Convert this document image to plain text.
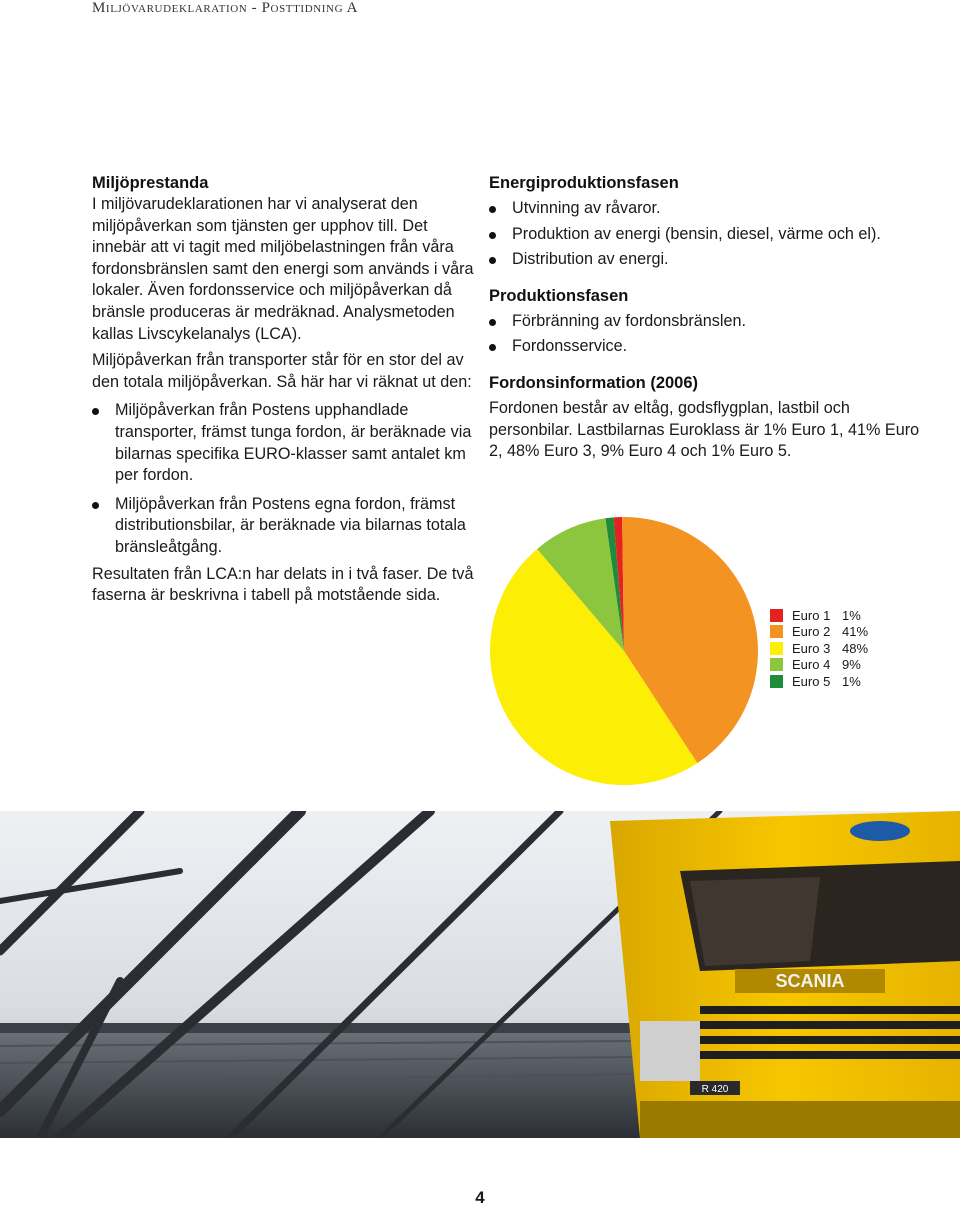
Miljövarudeklaration - Posttidning A
Miljöprestanda

I miljövarudeklarationen har vi analyserat den miljöpåverkan som tjänsten ger upphov till. Det innebär att vi tagit med miljöbelastningen från våra fordonsbränslen samt den energi som används i våra lokaler. Även fordonsservice och miljöpåverkan då bränsle produceras är medräknad. Analysmetoden kallas Livscykelanalys (LCA).

Miljöpåverkan från transporter står för en stor del av den totala miljöpåverkan. Så här har vi räknat ut den:

Miljöpåverkan från Postens upphandlade transporter, främst tunga fordon, är beräknade via bilarnas specifika EURO-klasser samt antalet km per fordon.
Miljöpåverkan från Postens egna fordon, främst distributionsbilar, är beräknade via bilarnas totala bränsleåtgång.

Resultaten från LCA:n har delats in i två faser. De två faserna är beskrivna i tabell på motstående sida.

Energiproduktionsfasen
Utvinning av råvaror.
Produktion av energi (bensin, diesel, värme och el).
Distribution av energi.
Produktionsfasen
Förbränning av fordonsbränslen.
Fordonsservice.
Fordonsinformation (2006)

Fordonen består av eltåg, godsflygplan, lastbil och personbilar. Lastbilarnas Euroklass är 1% Euro 1, 41% Euro 2, 48% Euro 3, 9% Euro 4 och 1% Euro 5.

Euro 1 1%
Euro 2 41%
Euro 3 48%
Euro 4 9%
Euro 5 1%
SCANIA
R 420
4
